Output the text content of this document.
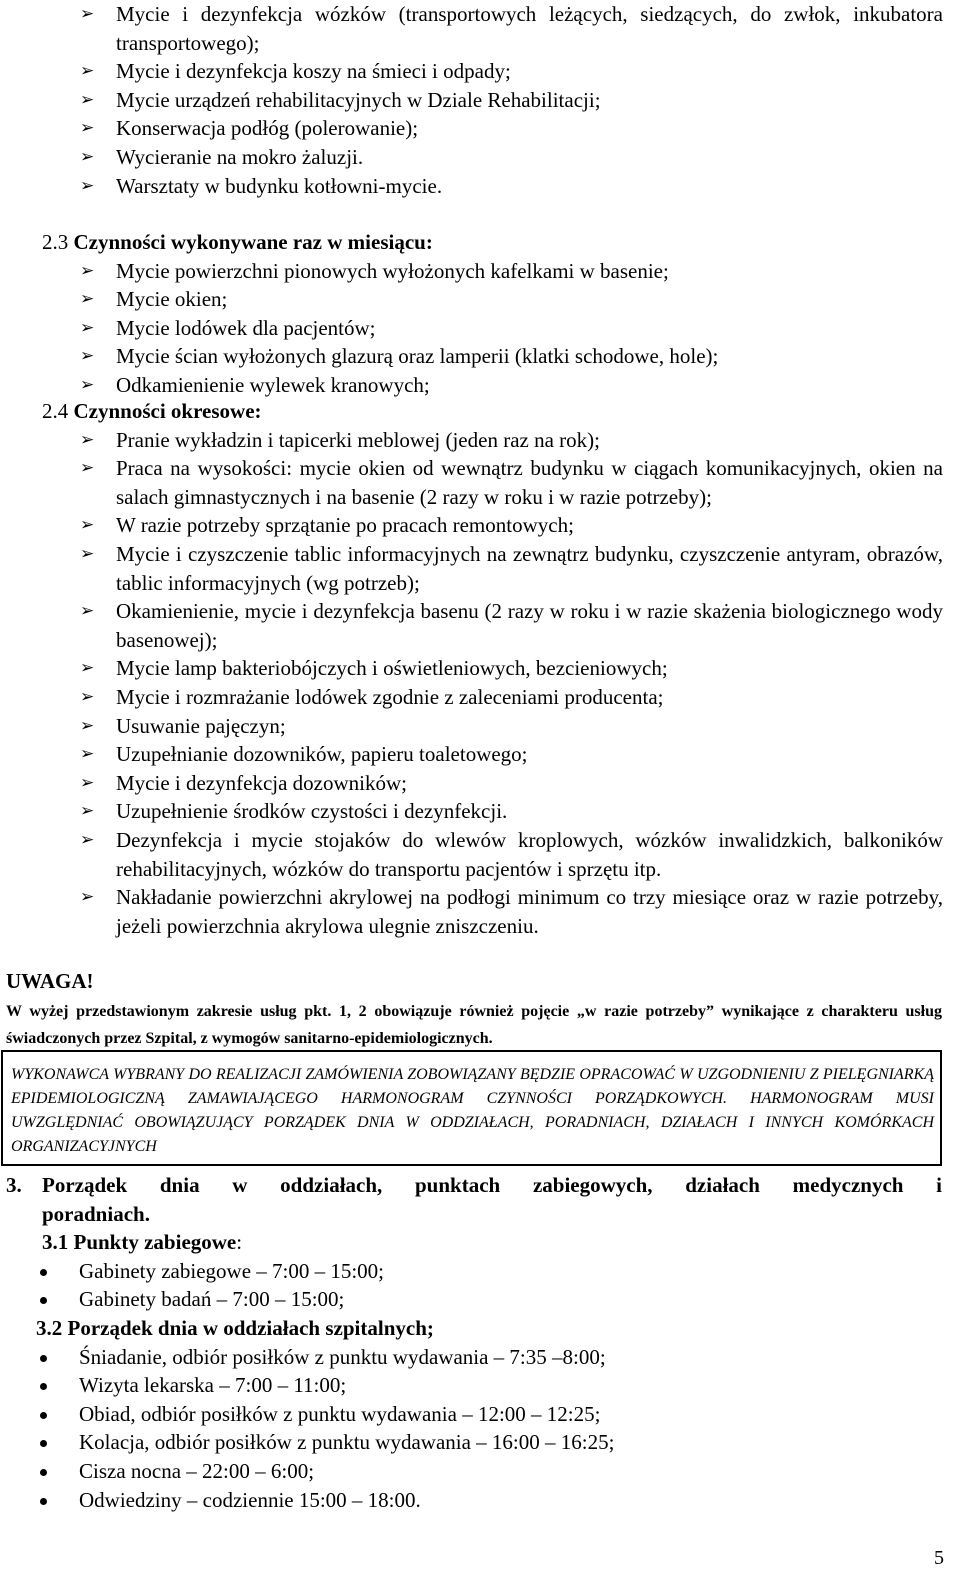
➢ Mycie i dezynfekcja wózków (transportowych leżących, siedzących, do zwłok, inkubatora transportowego);
➢ Mycie i dezynfekcja koszy na śmieci i odpady;
➢ Mycie urządzeń rehabilitacyjnych w Dziale Rehabilitacji;
➢ Konserwacja podłóg (polerowanie);
➢ Wycieranie na mokro żaluzji.
➢ Warsztaty w budynku kotłowni-mycie.
2.3 Czynności wykonywane raz w miesiącu:
➢ Mycie powierzchni pionowych wyłożonych kafelkami w basenie;
➢ Mycie okien;
➢ Mycie lodówek dla pacjentów;
➢ Mycie ścian wyłożonych glazurą oraz lamperii (klatki schodowe, hole);
➢ Odkamienienie wylewek kranowych;
2.4 Czynności okresowe:
➢ Pranie wykładzin i tapicerki meblowej (jeden raz na rok);
➢ Praca na wysokości: mycie okien od wewnątrz budynku w ciągach komunikacyjnych, okien na salach gimnastycznych i na basenie (2 razy w roku i w razie potrzeby);
➢ W razie potrzeby sprzątanie po pracach remontowych;
➢ Mycie i czyszczenie tablic informacyjnych na zewnątrz budynku, czyszczenie antyram, obrazów, tablic informacyjnych (wg potrzeb);
➢ Okamienienie, mycie i dezynfekcja basenu (2 razy w roku i w razie skażenia biologicznego wody basenowej);
➢ Mycie lamp bakteriobójczych i oświetleniowych, bezcieniowych;
➢ Mycie i rozmrażanie lodówek zgodnie z zaleceniami producenta;
➢ Usuwanie pajęczyn;
➢ Uzupełnianie dozowników, papieru toaletowego;
➢ Mycie i dezynfekcja dozowników;
➢ Uzupełnienie środków czystości i dezynfekcji.
➢ Dezynfekcja i mycie stojaków do wlewów kroplowych, wózków inwalidzkich, balkoników rehabilitacyjnych, wózków do transportu pacjentów i sprzętu itp.
➢ Nakładanie powierzchni akrylowej na podłogi minimum co trzy miesiące oraz w razie potrzeby, jeżeli powierzchnia akrylowa ulegnie zniszczeniu.
UWAGA!
W wyżej przedstawionym zakresie usług pkt. 1, 2 obowiązuje również pojęcie „w razie potrzeby” wynikające z charakteru usług świadczonych przez Szpital, z wymogów sanitarno-epidemiologicznych.
WYKONAWCA WYBRANY DO REALIZACJI ZAMÓWIENIA ZOBOWIĄZANY BĘDZIE OPRACOWAĆ W UZGODNIENIU Z PIELĘGNIARKĄ EPIDEMIOLOGICZNĄ ZAMAWIAJĄCEGO HARMONOGRAM CZYNNOŚCI PORZĄDKOWYCH. HARMONOGRAM MUSI UWZGLĘDNIAĆ OBOWIĄZUJĄCY PORZĄDEK DNIA W ODDZIAŁACH, PORADNIACH, DZIAŁACH I INNYCH KOMÓRKACH ORGANIZACYJNYCH
3. Porządek dnia w oddziałach, punktach zabiegowych, działach medycznych i
poradniach.
3.1 Punkty zabiegowe:
Gabinety zabiegowe – 7:00 – 15:00;
Gabinety badań – 7:00 – 15:00;
3.2 Porządek dnia w oddziałach szpitalnych;
Śniadanie, odbiór posiłków z punktu wydawania – 7:35 –8:00;
Wizyta lekarska – 7:00 – 11:00;
Obiad, odbiór posiłków z punktu wydawania – 12:00 – 12:25;
Kolacja, odbiór posiłków z punktu wydawania – 16:00 – 16:25;
Cisza nocna – 22:00 – 6:00;
Odwiedziny – codziennie 15:00 – 18:00.
5
